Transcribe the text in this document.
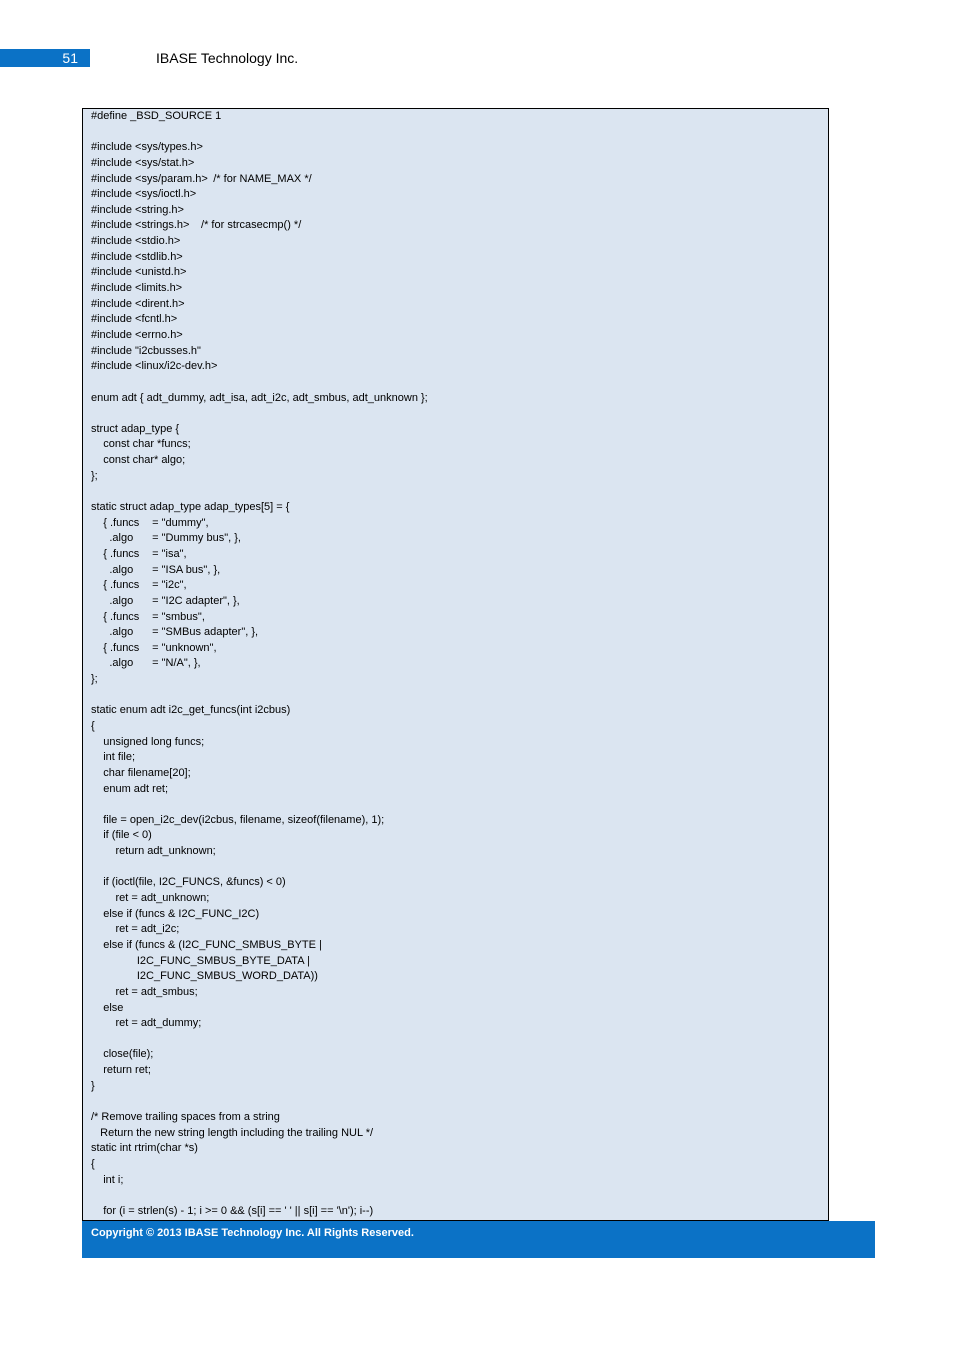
51	IBASE Technology Inc.
#define _BSD_SOURCE 1
#include <sys/types.h>
#include <sys/stat.h>
#include <sys/param.h>	/* for NAME_MAX */
#include <sys/ioctl.h>
#include <string.h>
#include <strings.h>	/* for strcasecmp() */
#include <stdio.h>
#include <stdlib.h>
#include <unistd.h>
#include <limits.h>
#include <dirent.h>
#include <fcntl.h>
#include <errno.h>
#include "i2cbusses.h"
#include <linux/i2c-dev.h>
enum adt { adt_dummy, adt_isa, adt_i2c, adt_smbus, adt_unknown };
struct adap_type {
	const char *funcs;
	const char* algo;
};
static struct adap_type adap_types[5] = {
	{ .funcs	= "dummy",
	.algo		= "Dummy bus", },
	{ .funcs	= "isa",
	.algo		= "ISA bus", },
	{ .funcs	= "i2c",
	.algo		= "I2C adapter", },
	{ .funcs	= "smbus",
	.algo		= "SMBus adapter", },
	{ .funcs	= "unknown",
	.algo		= "N/A", },
};
static enum adt i2c_get_funcs(int i2cbus)
{
	unsigned long funcs;
	int file;
	char filename[20];
	enum adt ret;
	file = open_i2c_dev(i2cbus, filename, sizeof(filename), 1);
	if (file < 0)
		return adt_unknown;
	if (ioctl(file, I2C_FUNCS, &funcs) < 0)
		ret = adt_unknown;
	else if (funcs & I2C_FUNC_I2C)
		ret = adt_i2c;
	else if (funcs & (I2C_FUNC_SMBUS_BYTE |
			I2C_FUNC_SMBUS_BYTE_DATA |
			I2C_FUNC_SMBUS_WORD_DATA))
		ret = adt_smbus;
	else
		ret = adt_dummy;
	close(file);
	return ret;
}
/* Remove trailing spaces from a string
Return the new string length including the trailing NUL */
static int rtrim(char *s)
{
	int i;
	for (i = strlen(s) - 1; i >= 0 && (s[i] == ' ' || s[i] == '\n'); i--)
Copyright © 2013 IBASE Technology Inc. All Rights Reserved.
